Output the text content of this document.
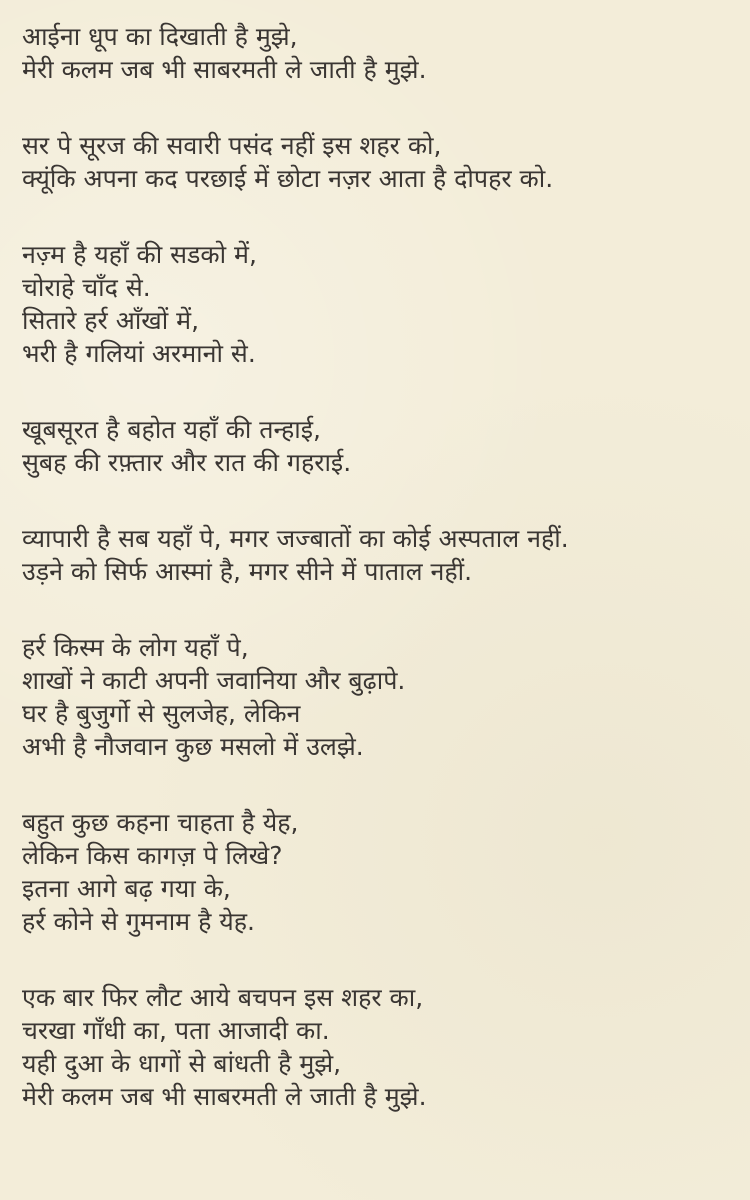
आईना धूप का दिखाती है मुझे,
मेरी कलम जब भी साबरमती ले जाती है मुझे.
सर पे सूरज की सवारी पसंद नहीं इस शहर को,
क्यूंकि अपना कद परछाई में छोटा नज़र आता है दोपहर को.
नज़्म है यहाँ की सडको में,
चोराहे चाँद से.
सितारे हर्र आँखों में,
भरी है गलियां अरमानो से.
खूबसूरत है बहोत यहाँ की तन्हाई,
सुबह की रफ़्तार और रात की गहराई.
व्यापारी है सब यहाँ पे, मगर जज्बातों का कोई अस्पताल नहीं.
उड़ने को सिर्फ आस्मां है, मगर सीने में पाताल नहीं.
हर्र किस्म के लोग यहाँ पे,
शाखों ने काटी अपनी जवानिया और बुढ़ापे.
घर है बुजुर्गो से सुलजेह, लेकिन
अभी है नौजवान कुछ मसलो में उलझे.
बहुत कुछ कहना चाहता है येह,
लेकिन किस कागज़ पे लिखे?
इतना आगे बढ़ गया के,
हर्र कोने से गुमनाम है येह.
एक बार फिर लौट आये बचपन इस शहर का,
चरखा गाँधी का, पता आजादी का.
यही दुआ के धागों से बांधती है मुझे,
मेरी कलम जब भी साबरमती ले जाती है मुझे.
